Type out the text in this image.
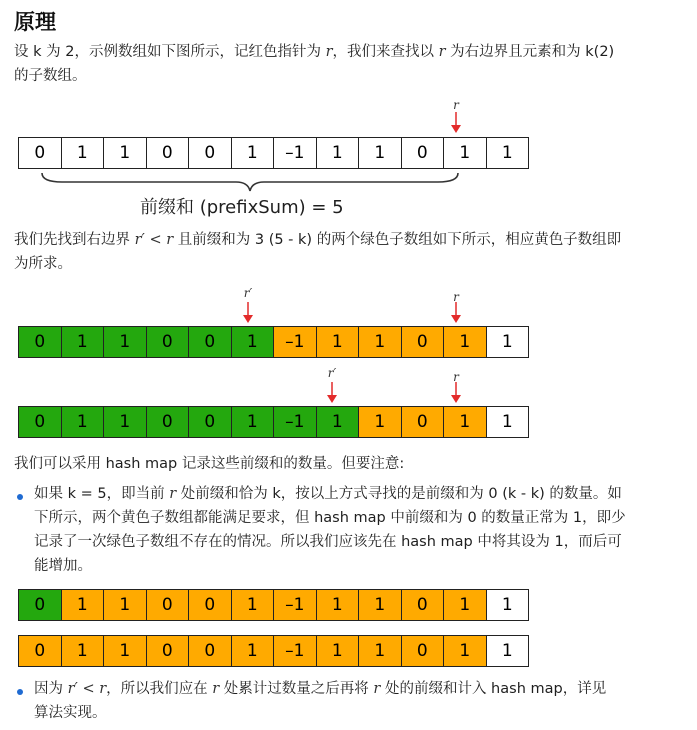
原理
设 k 为 2，示例数组如下图所示，记红色指针为 r，我们来查找以 r 为右边界且元素和为 k(2)
的子数组。
r
0	1	1	0	0	1	–1	1	1	0	1	1
前缀和 (prefixSum) = 5
我们先找到右边界 r′ < r 且前缀和为 3 (5 - k) 的两个绿色子数组如下所示，相应黄色子数组即
为所求。
r′	r
0	1	1	0	0	1	–1	1	1	0	1	1
r′	r
0	1	1	0	0	1	–1	1	1	0	1	1
我们可以采用 hash map 记录这些前缀和的数量。但要注意:
如果 k = 5，即当前 r 处前缀和恰为 k，按以上方式寻找的是前缀和为 0 (k - k) 的数量。如
下所示，两个黄色子数组都能满足要求，但 hash map 中前缀和为 0 的数量正常为 1，即少
记录了一次绿色子数组不存在的情况。所以我们应该先在 hash map 中将其设为 1，而后可
能增加。
0	1	1	0	0	1	–1	1	1	0	1	1
0	1	1	0	0	1	–1	1	1	0	1	1
因为 r′ < r，所以我们应在 r 处累计过数量之后再将 r 处的前缀和计入 hash map，详见
算法实现。
